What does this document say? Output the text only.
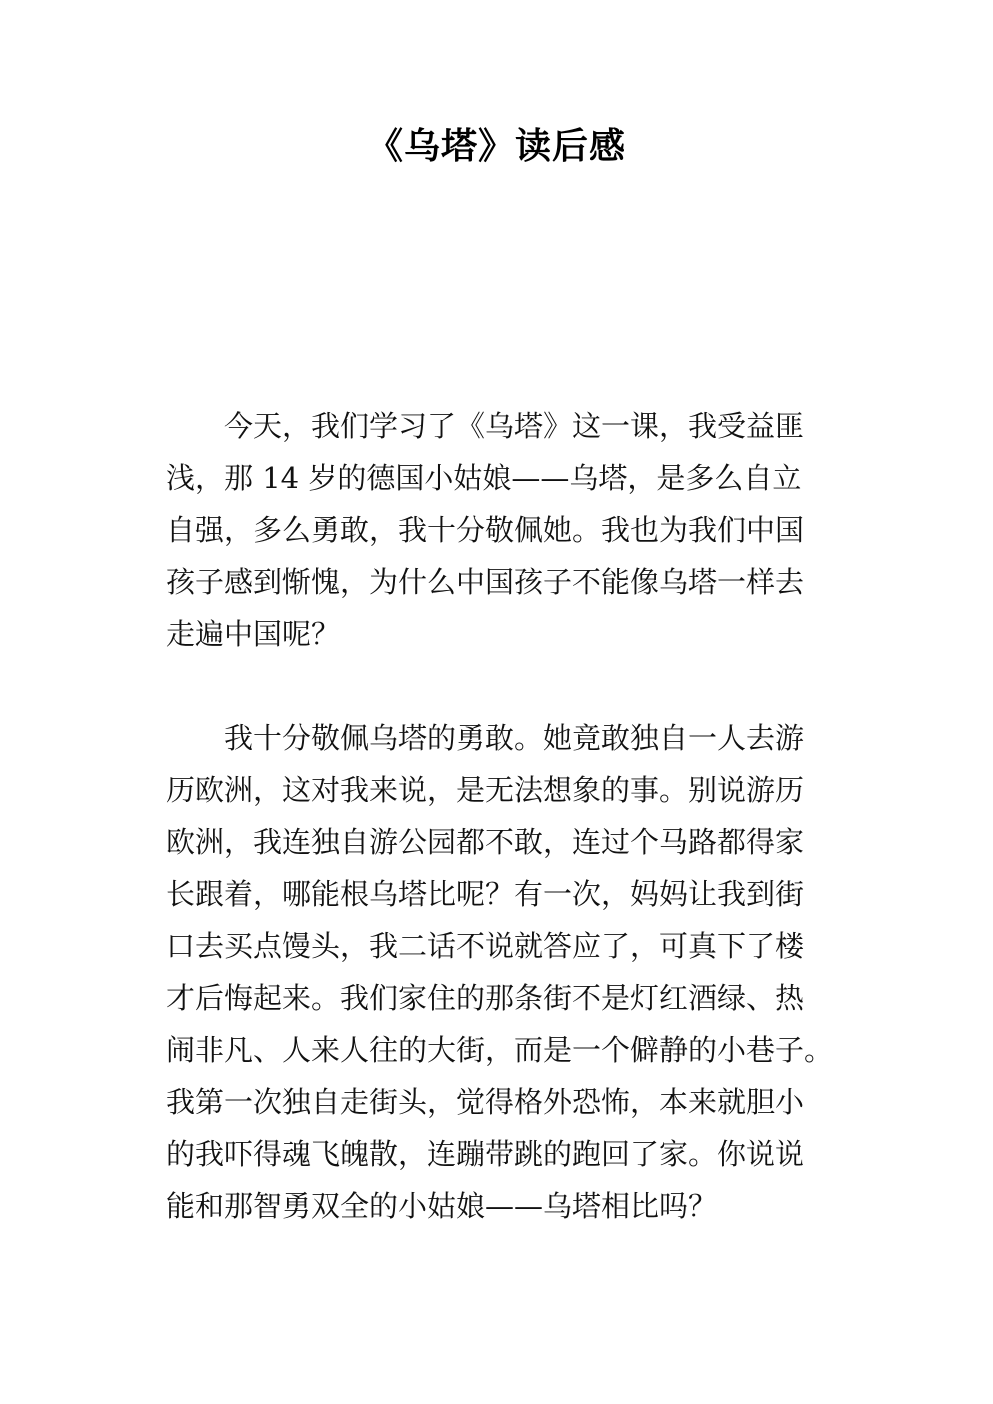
《乌塔》读后感
今天，我们学习了《乌塔》这一课，我受益匪
浅，那 14 岁的德国小姑娘——乌塔，是多么自立
自强，多么勇敢，我十分敬佩她。我也为我们中国
孩子感到惭愧，为什么中国孩子不能像乌塔一样去
走遍中国呢？
我十分敬佩乌塔的勇敢。她竟敢独自一人去游
历欧洲，这对我来说，是无法想象的事。别说游历
欧洲，我连独自游公园都不敢，连过个马路都得家
长跟着，哪能根乌塔比呢？有一次，妈妈让我到街
口去买点馒头，我二话不说就答应了，可真下了楼
才后悔起来。我们家住的那条街不是灯红酒绿、热
闹非凡、人来人往的大街，而是一个僻静的小巷子。
我第一次独自走街头，觉得格外恐怖，本来就胆小
的我吓得魂飞魄散，连蹦带跳的跑回了家。你说说
能和那智勇双全的小姑娘——乌塔相比吗？
